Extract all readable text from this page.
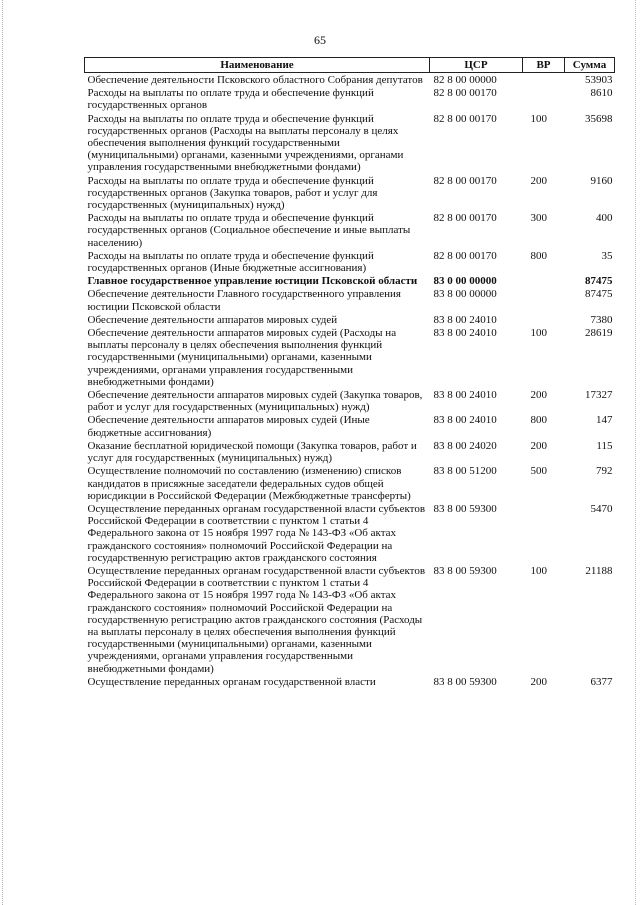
65
Наименование	ЦСР	ВР	Сумма
Обеспечение деятельности Псковского областного Собрания депутатов	82 8 00 00000		53903
Расходы на выплаты по оплате труда и обеспечение функций государственных органов	82 8 00 00170		8610
Расходы на выплаты по оплате труда и обеспечение функций государственных органов (Расходы на выплаты персоналу в целях обеспечения выполнения функций государственными (муниципальными) органами, казенными учреждениями, органами управления государственными внебюджетными фондами)	82 8 00 00170	100	35698
Расходы на выплаты по оплате труда и обеспечение функций государственных органов (Закупка товаров, работ и услуг для государственных (муниципальных) нужд)	82 8 00 00170	200	9160
Расходы на выплаты по оплате труда и обеспечение функций государственных органов (Социальное обеспечение и иные выплаты населению)	82 8 00 00170	300	400
Расходы на выплаты по оплате труда и обеспечение функций государственных органов (Иные бюджетные ассигнования)	82 8 00 00170	800	35
Главное государственное управление юстиции Псковской области	83 0 00 00000		87475
Обеспечение деятельности Главного государственного управления юстиции Псковской области	83 8 00 00000		87475
Обеспечение деятельности аппаратов мировых судей	83 8 00 24010		7380
Обеспечение деятельности аппаратов мировых судей (Расходы на выплаты персоналу в целях обеспечения выполнения функций государственными (муниципальными) органами, казенными учреждениями, органами управления государственными внебюджетными фондами)	83 8 00 24010	100	28619
Обеспечение деятельности аппаратов мировых судей (Закупка товаров, работ и услуг для государственных (муниципальных) нужд)	83 8 00 24010	200	17327
Обеспечение деятельности аппаратов мировых судей (Иные бюджетные ассигнования)	83 8 00 24010	800	147
Оказание бесплатной юридической помощи (Закупка товаров, работ и услуг для государственных (муниципальных) нужд)	83 8 00 24020	200	115
Осуществление полномочий по составлению (изменению) списков кандидатов в присяжные заседатели федеральных судов общей юрисдикции в Российской Федерации (Межбюджетные трансферты)	83 8 00 51200	500	792
Осуществление переданных органам государственной власти субъектов Российской Федерации в соответствии с пунктом 1 статьи 4 Федерального закона от 15 ноября 1997 года № 143-ФЗ «Об актах гражданского состояния» полномочий Российской Федерации на государственную регистрацию актов гражданского состояния	83 8 00 59300		5470
Осуществление переданных органам государственной власти субъектов Российской Федерации в соответствии с пунктом 1 статьи 4 Федерального закона от 15 ноября 1997 года № 143-ФЗ «Об актах гражданского состояния» полномочий Российской Федерации на государственную регистрацию актов гражданского состояния (Расходы на выплаты персоналу в целях обеспечения выполнения функций государственными (муниципальными) органами, казенными учреждениями, органами управления государственными внебюджетными фондами)	83 8 00 59300	100	21188
Осуществление переданных органам государственной власти	83 8 00 59300	200	6377
